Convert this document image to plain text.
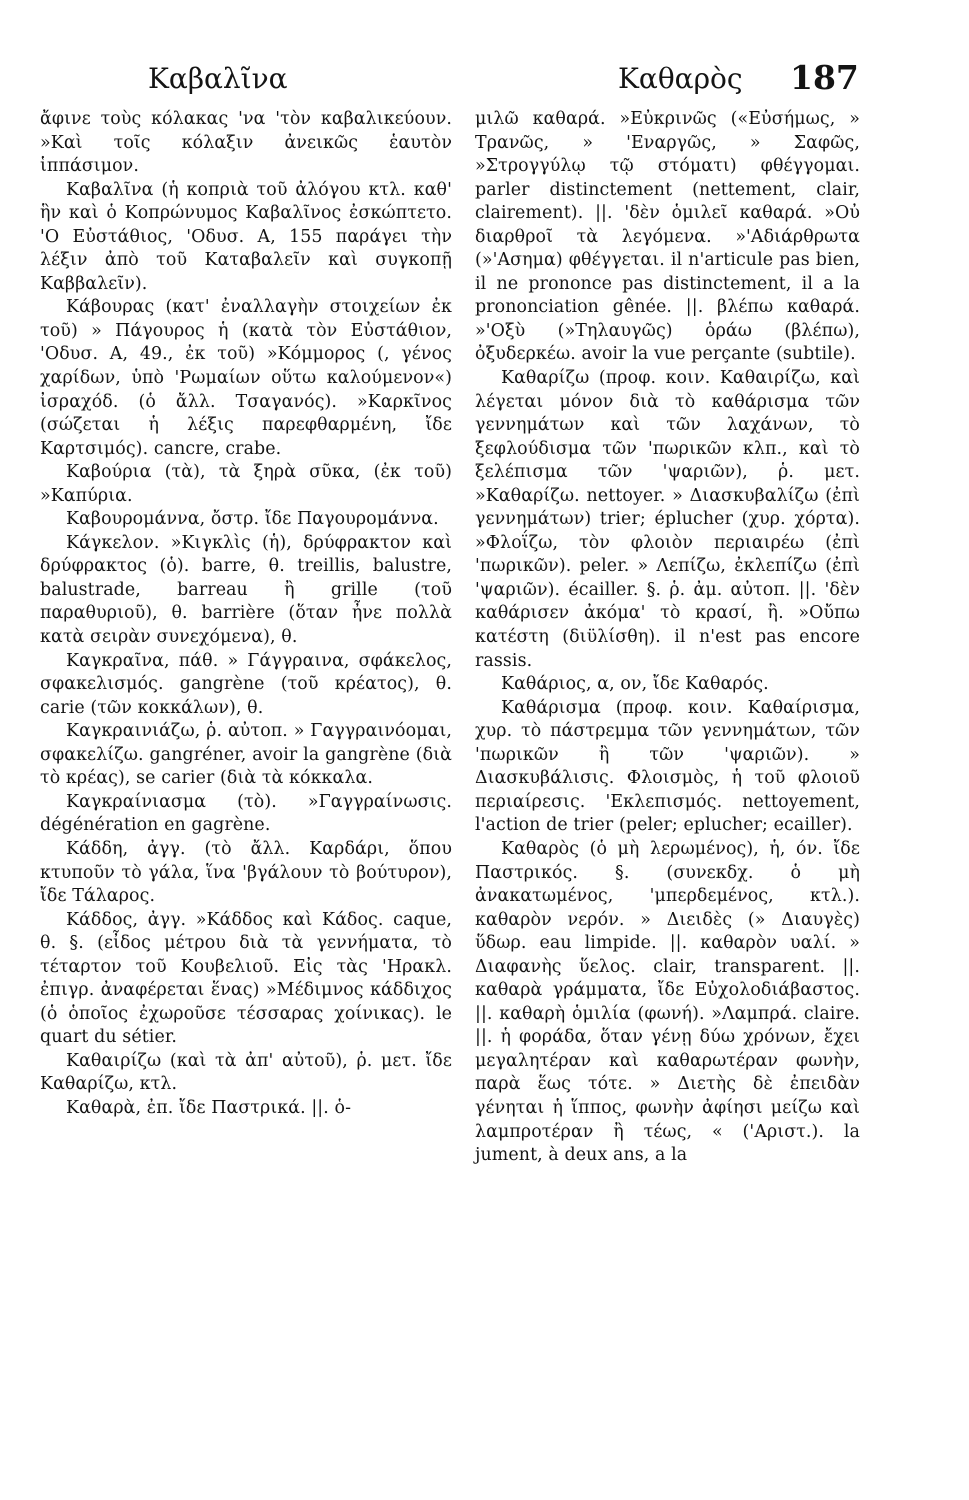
Καβαλῖνα	Καθαρὸς 187

ἄφινε τοὺς κόλακας 'να 'τὸν καβαλικεύουν. »Καὶ τοῖς κόλαξιν ἀνεικῶς ἑαυτὸν ἱππάσιμον.

Καβαλῖνα (ἡ κοπριὰ τοῦ ἀλόγου κτλ. καθ' ἣν καὶ ὁ Κοπρώνυμος Καβαλῖνος ἐσκώπτετο. 'Ο Εὐστάθιος, 'Οδυσ. Α, 155 παράγει τὴν λέξιν ἀπὸ τοῦ Καταβαλεῖν καὶ συγκοπῇ Καββαλεῖν).

Κάβουρας (κατ' ἐναλλαγὴν στοιχείων ἐκ τοῦ) » Πάγουρος ἡ (κατὰ τὸν Εὐστάθιον, 'Οδυσ. Α, 49., ἐκ τοῦ) »Κόμμορος (, γένος χαρίδων, ὑπὸ 'Ρωμαίων οὕτω καλούμενον«) ἰσραχόδ. (ὁ ἄλλ. Τσαγανός). »Καρκῖνος (σώζεται ἡ λέξις παρεφθαρμένη, ἴδε Καρτσιμός). cancre, crabe.

Καβούρια (τὰ), τὰ ξηρὰ σῦκα, (ἐκ τοῦ) »Καπύρια.

Καβουρομάννα, ὄστρ. ἴδε Παγουρομάννα.

Κάγκελον. »Κιγκλὶς (ἡ), δρύφρακτον καὶ δρύφρακτος (ὁ). barre, θ. treillis, balustre, balustrade, barreau ἢ grille (τοῦ παραθυριοῦ), θ. barrière (ὅταν ἦνε πολλὰ κατὰ σειρὰν συνεχόμενα), θ.

Καγκραῖνα, πάθ. » Γάγγραινα, σφάκελος, σφακελισμός. gangrène (τοῦ κρέατος), θ. carie (τῶν κοκκάλων), θ.

Καγκραινιάζω, ῥ. αὐτοπ. » Γαγγραινόομαι, σφακελίζω. gangréner, avoir la gangrène (διὰ τὸ κρέας), se carier (διὰ τὰ κόκκαλα.

Καγκραίνιασμα (τὸ). »Γαγγραίνωσις. dégénération en gagrène.

Κάδδη, ἀγγ. (τὸ ἄλλ. Καρδάρι, ὅπου κτυποῦν τὸ γάλα, ἵνα 'βγάλουν τὸ βούτυρον), ἴδε Τάλαρος.

Κάδδος, ἀγγ. »Κάδδος καὶ Κάδος. caque, θ. §. (εἶδος μέτρου διὰ τὰ γεννήματα, τὸ τέταρτον τοῦ Κουβελιοῦ. Εἰς τὰς 'Ηρακλ. ἐπιγρ. ἀναφέρεται ἕνας) »Μέδιμνος κάδδιχος (ὁ ὁποῖος ἐχωροῦσε τέσσαρας χοίνικας). le quart du sétier.

Καθαιρίζω (καὶ τὰ ἀπ' αὐτοῦ), ῥ. μετ. ἴδε Καθαρίζω, κτλ.

Καθαρὰ, ἐπ. ἴδε Παστρικά. ||. ὁ-

μιλῶ καθαρά. »Εὐκρινῶς («Εὐσήμως, » Τρανῶς, » 'Εναργῶς, » Σαφῶς, »Στρογγύλῳ τῷ στόματι) φθέγγομαι. parler distinctement (nettement, clair, clairement). ||. 'δὲν ὁμιλεῖ καθαρά. »Οὐ διαρθροῖ τὰ λεγόμενα. »'Αδιάρθρωτα (»'Ασημα) φθέγγεται. il n'articule pas bien, il ne prononce pas distinctement, il a la prononciation gênée. ||. βλέπω καθαρά. »'Οξὺ (»Τηλαυγῶς) ὁράω (βλέπω), ὀξυδερκέω. avoir la vue perçante (subtile).

Καθαρίζω (προφ. κοιν. Καθαιρίζω, καὶ λέγεται μόνον διὰ τὸ καθάρισμα τῶν γεννημάτων καὶ τῶν λαχάνων, τὸ ξεφλούδισμα τῶν 'πωρικῶν κλπ., καὶ τὸ ξελέπισμα τῶν 'ψαριῶν), ῥ. μετ. »Καθαρίζω. nettoyer. » Διασκυβαλίζω (ἐπὶ γεννημάτων) trier; éplucher (χυρ. χόρτα). »Φλοΐζω, τὸν φλοιὸν περιαιρέω (ἐπὶ 'πωρικῶν). peler. » Λεπίζω, ἐκλεπίζω (ἐπὶ 'ψαριῶν). écailler. §. ῥ. ἀμ. αὐτοπ. ||. 'δὲν καθάρισεν ἀκόμα' τὸ κρασί, ἢ. »Οὔπω κατέστη (διϋλίσθη). il n'est pas encore rassis.

Καθάριος, α, ον, ἴδε Καθαρός.

Καθάρισμα (προφ. κοιν. Καθαίρισμα, χυρ. τὸ πάστρεμμα τῶν γεννημάτων, τῶν 'πωρικῶν ἢ τῶν 'ψαριῶν). » Διασκυβάλισις. Φλοισμὸς, ἡ τοῦ φλοιοῦ περιαίρεσις. 'Εκλεπισμός. nettoyement, l'action de trier (peler; eplucher; ecailler).

Καθαρὸς (ὁ μὴ λερωμένος), ἡ, όν. ἴδε Παστρικός. §. (συνεκδχ. ὁ μὴ ἀνακατωμένος, 'μπερδεμένος, κτλ.). καθαρὸν νερόν. » Διειδὲς (» Διαυγὲς) ὕδωρ. eau limpide. ||. καθαρὸν υαλί. » Διαφανὴς ὕελος. clair, transparent. ||. καθαρὰ γράμματα, ἴδε Εὐχολοδιάβαστος. ||. καθαρὴ ὁμιλία (φωνή). »Λαμπρά. claire. ||. ἡ φοράδα, ὅταν γένῃ δύω χρόνων, ἔχει μεγαλητέραν καὶ καθαρωτέραν φωνὴν, παρὰ ἕως τότε. » Διετὴς δὲ ἐπειδὰν γένηται ἡ ἵππος, φωνὴν ἀφίησι μείζω καὶ λαμπροτέραν ἢ τέως, « ('Αριστ.). la jument, à deux ans, a la
